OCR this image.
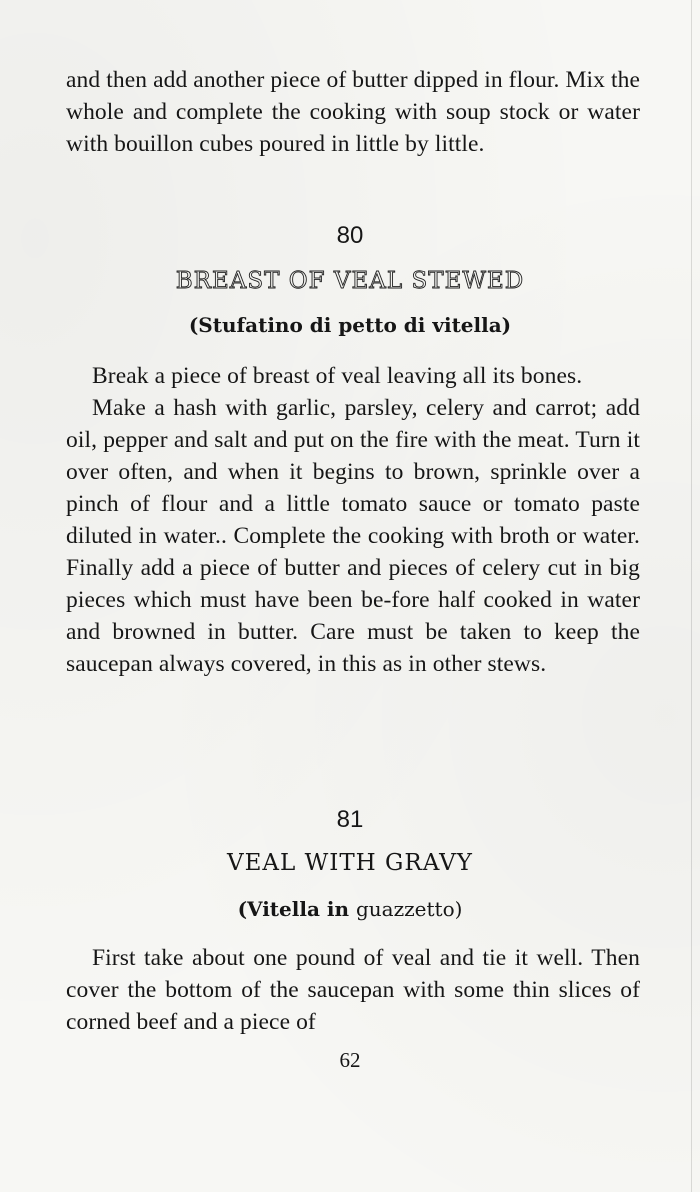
and then add another piece of butter dipped in flour. Mix the whole and complete the cooking with soup stock or water with bouillon cubes poured in little by little.

80
BREAST OF VEAL STEWED
(Stufatino di petto di vitella)

Break a piece of breast of veal leaving all its bones.

Make a hash with garlic, parsley, celery and carrot; add oil, pepper and salt and put on the fire with the meat. Turn it over often, and when it begins to brown, sprinkle over a pinch of flour and a little tomato sauce or tomato paste diluted in water.. Complete the cooking with broth or water. Finally add a piece of butter and pieces of celery cut in big pieces which must have been be-fore half cooked in water and browned in butter. Care must be taken to keep the saucepan always covered, in this as in other stews.

81
VEAL WITH GRAVY
(Vitella in guazzetto)

First take about one pound of veal and tie it well. Then cover the bottom of the saucepan with some thin slices of corned beef and a piece of

62
